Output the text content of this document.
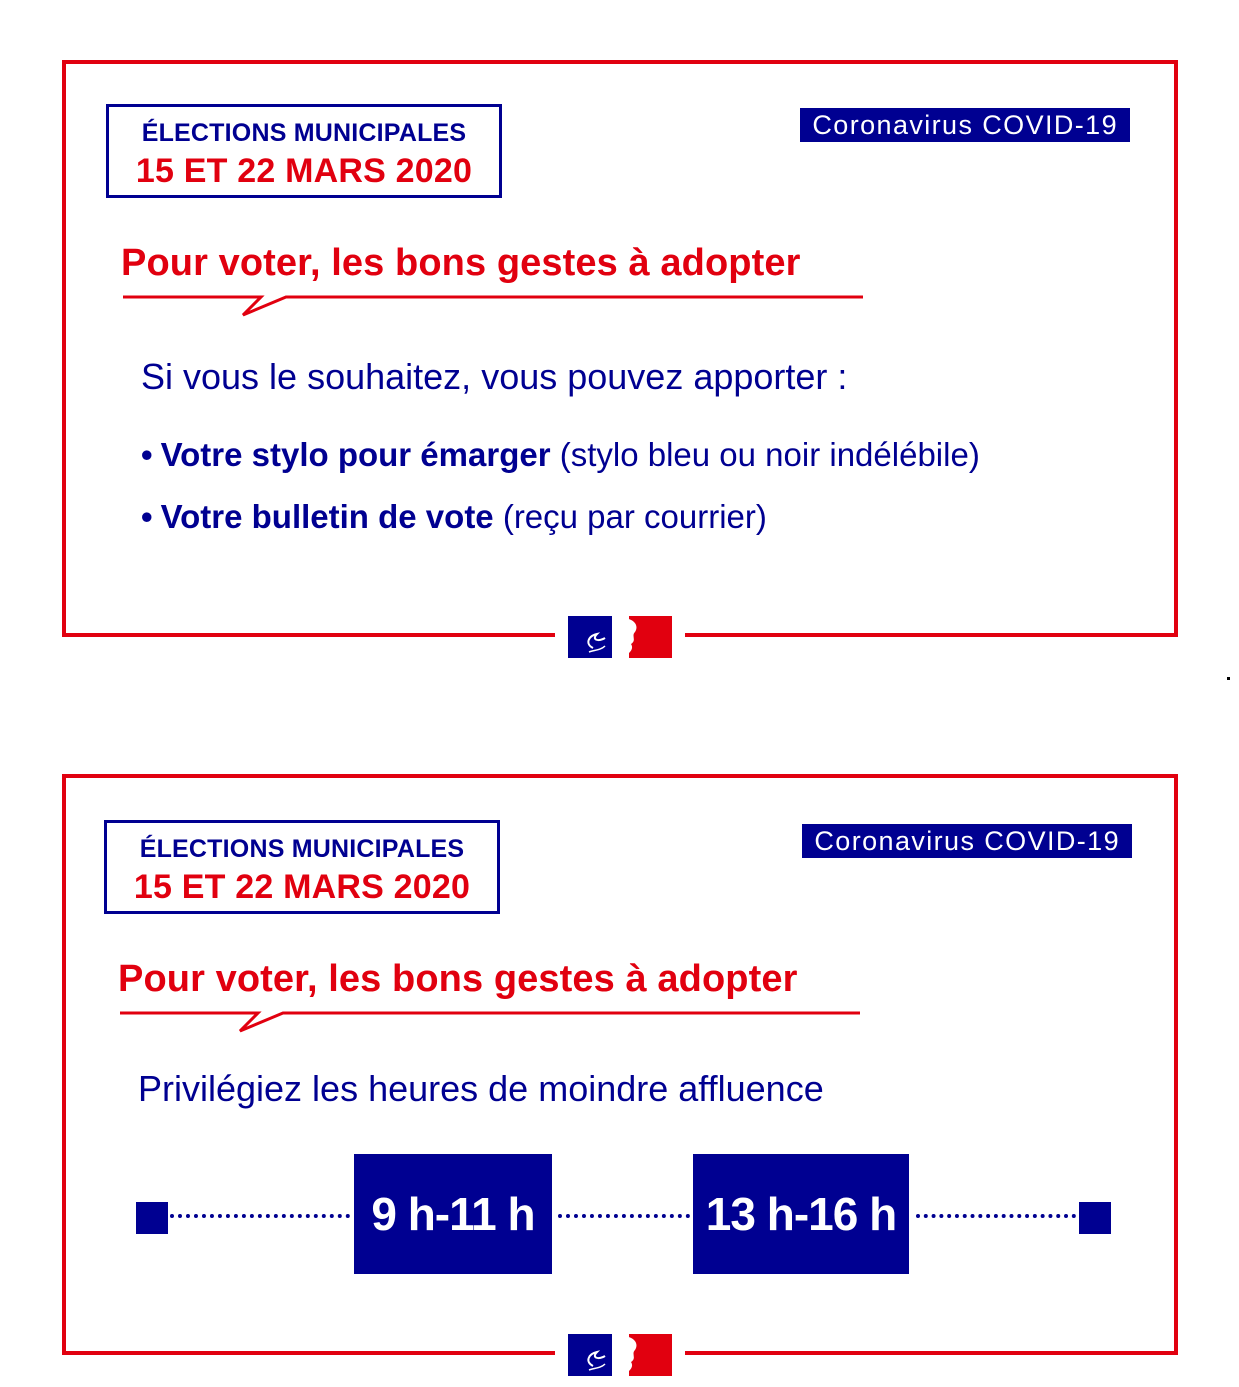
ÉLECTIONS MUNICIPALES
15 ET 22 MARS 2020
Coronavirus COVID-19
Pour voter, les bons gestes à adopter
Si vous le souhaitez, vous pouvez apporter :
• Votre stylo pour émarger (stylo bleu ou noir indélébile)
• Votre bulletin de vote (reçu par courrier)
ÉLECTIONS MUNICIPALES
15 ET 22 MARS 2020
Coronavirus COVID-19
Pour voter, les bons gestes à adopter
Privilégiez les heures de moindre affluence
9 h-11 h	13 h-16 h
